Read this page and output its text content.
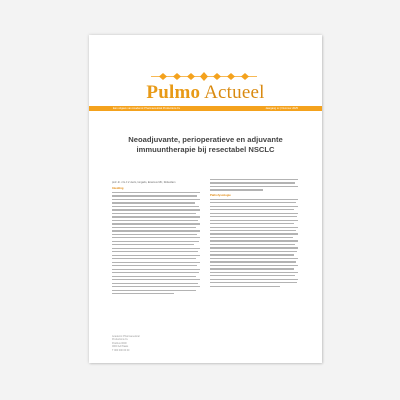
Pulmo Actueel
Een uitgave van Academic Pharmaceutical Productions bv	Jaargang xx | Nummer 2025
Neoadjuvante, perioperatieve en adjuvante immuuntherapie bij resectabel NSCLC
prof. dr. J.G.J.V. Aerts, longarts, Erasmus MC, Rotterdam
Inleiding
Pathofysiologie
Academic Pharmaceutical
Productions bv
Postbus 0000
0000 AA Plaats
T 000 000 00 00
